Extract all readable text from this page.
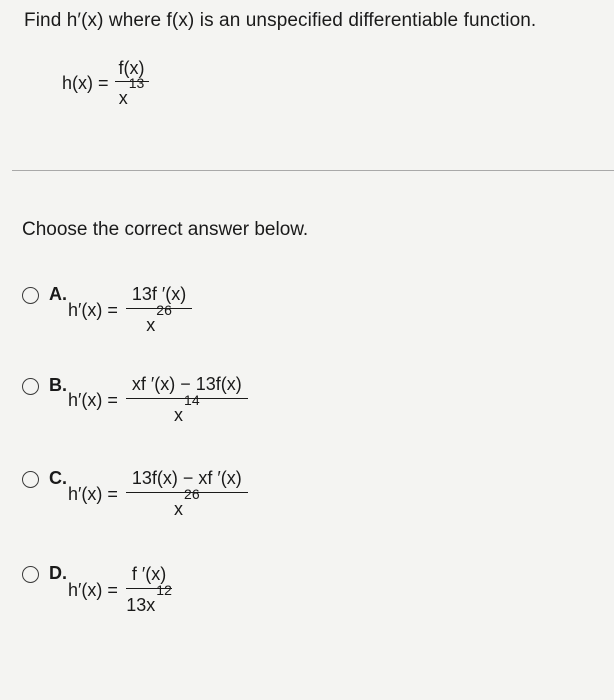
Find h′(x) where f(x) is an unspecified differentiable function.
$h(x) = \frac{f(x)}{x^{13}}$
Choose the correct answer below.
A.
$h'(x) = \frac{13f '(x)}{x^{26}}$
B.
$h'(x) = \frac{xf '(x) - 13f(x)}{x^{14}}$
C.
$h'(x) = \frac{13f(x) - xf '(x)}{x^{26}}$
D.
$h'(x) = \frac{f '(x)}{13x^{12}}$
